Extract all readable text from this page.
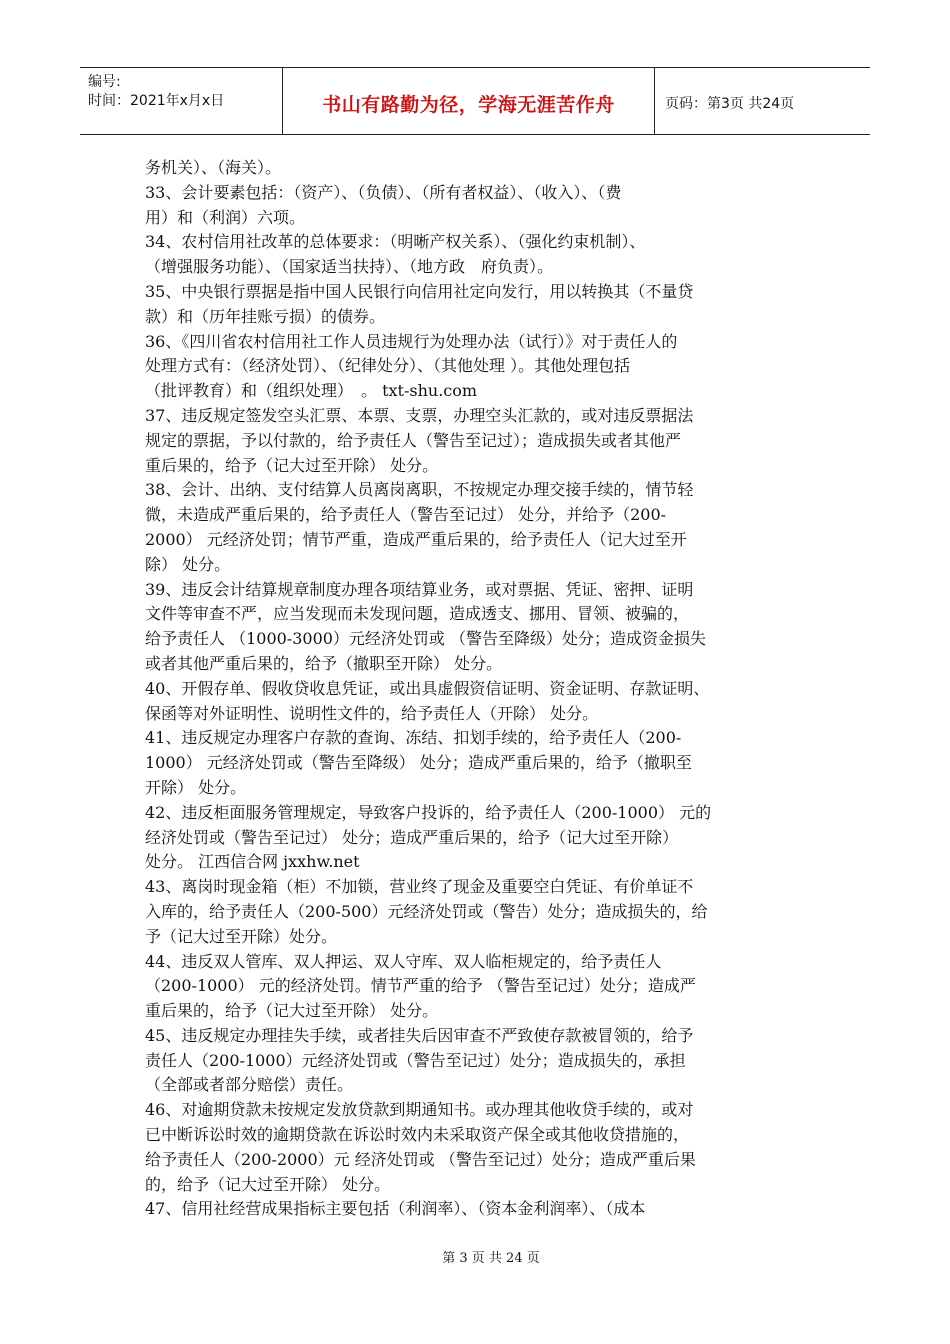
编号:
时间：2021年x月x日	书山有路勤为径，学海无涯苦作舟	页码：第3页 共24页
务机关）、（海关）。
33、会计要素包括：（资产）、（负债）、（所有者权益）、（收入）、（费
用）和（利润）六项。
34、农村信用社改革的总体要求：（明晰产权关系）、（强化约束机制）、
（增强服务功能）、（国家适当扶持）、（地方政　府负责）。
35、中央银行票据是指中国人民银行向信用社定向发行，用以转换其（不量贷
款）和（历年挂账亏损）的债券。
36、《四川省农村信用社工作人员违规行为处理办法（试行）》对于责任人的
处理方式有：（经济处罚）、（纪律处分）、（其他处理 ）。其他处理包括
（批评教育）和（组织处理）　。 txt-shu.com
37、违反规定签发空头汇票、本票、支票，办理空头汇款的，或对违反票据法
规定的票据，予以付款的，给予责任人（警告至记过）；造成损失或者其他严
重后果的，给予（记大过至开除） 处分。
38、会计、出纳、支付结算人员离岗离职，不按规定办理交接手续的，情节轻
微，未造成严重后果的，给予责任人（警告至记过） 处分，并给予（200-
2000） 元经济处罚；情节严重，造成严重后果的，给予责任人（记大过至开
除） 处分。
39、违反会计结算规章制度办理各项结算业务，或对票据、凭证、密押、证明
文件等审查不严，应当发现而未发现问题，造成透支、挪用、冒领、被骗的，
给予责任人 （1000-3000）元经济处罚或 （警告至降级）处分；造成资金损失
或者其他严重后果的，给予（撤职至开除） 处分。
40、开假存单、假收贷收息凭证，或出具虚假资信证明、资金证明、存款证明、
保函等对外证明性、说明性文件的，给予责任人（开除） 处分。
41、违反规定办理客户存款的查询、冻结、扣划手续的，给予责任人（200-
1000） 元经济处罚或（警告至降级） 处分；造成严重后果的，给予（撤职至
开除） 处分。
42、违反柜面服务管理规定，导致客户投诉的，给予责任人（200-1000） 元的
经济处罚或（警告至记过） 处分；造成严重后果的，给予（记大过至开除）
处分。 江西信合网 jxxhw.net
43、离岗时现金箱（柜）不加锁，营业终了现金及重要空白凭证、有价单证不
入库的，给予责任人（200-500）元经济处罚或（警告）处分；造成损失的，给
予（记大过至开除）处分。
44、违反双人管库、双人押运、双人守库、双人临柜规定的，给予责任人
（200-1000） 元的经济处罚。情节严重的给予 （警告至记过）处分；造成严
重后果的，给予（记大过至开除） 处分。
45、违反规定办理挂失手续，或者挂失后因审查不严致使存款被冒领的，给予
责任人（200-1000）元经济处罚或（警告至记过）处分；造成损失的，承担
（全部或者部分赔偿）责任。
46、对逾期贷款未按规定发放贷款到期通知书。或办理其他收贷手续的，或对
已中断诉讼时效的逾期贷款在诉讼时效内未采取资产保全或其他收贷措施的，
给予责任人（200-2000）元 经济处罚或 （警告至记过）处分；造成严重后果
的，给予（记大过至开除） 处分。
47、信用社经营成果指标主要包括（利润率）、（资本金利润率）、（成本
第 3 页 共 24 页
